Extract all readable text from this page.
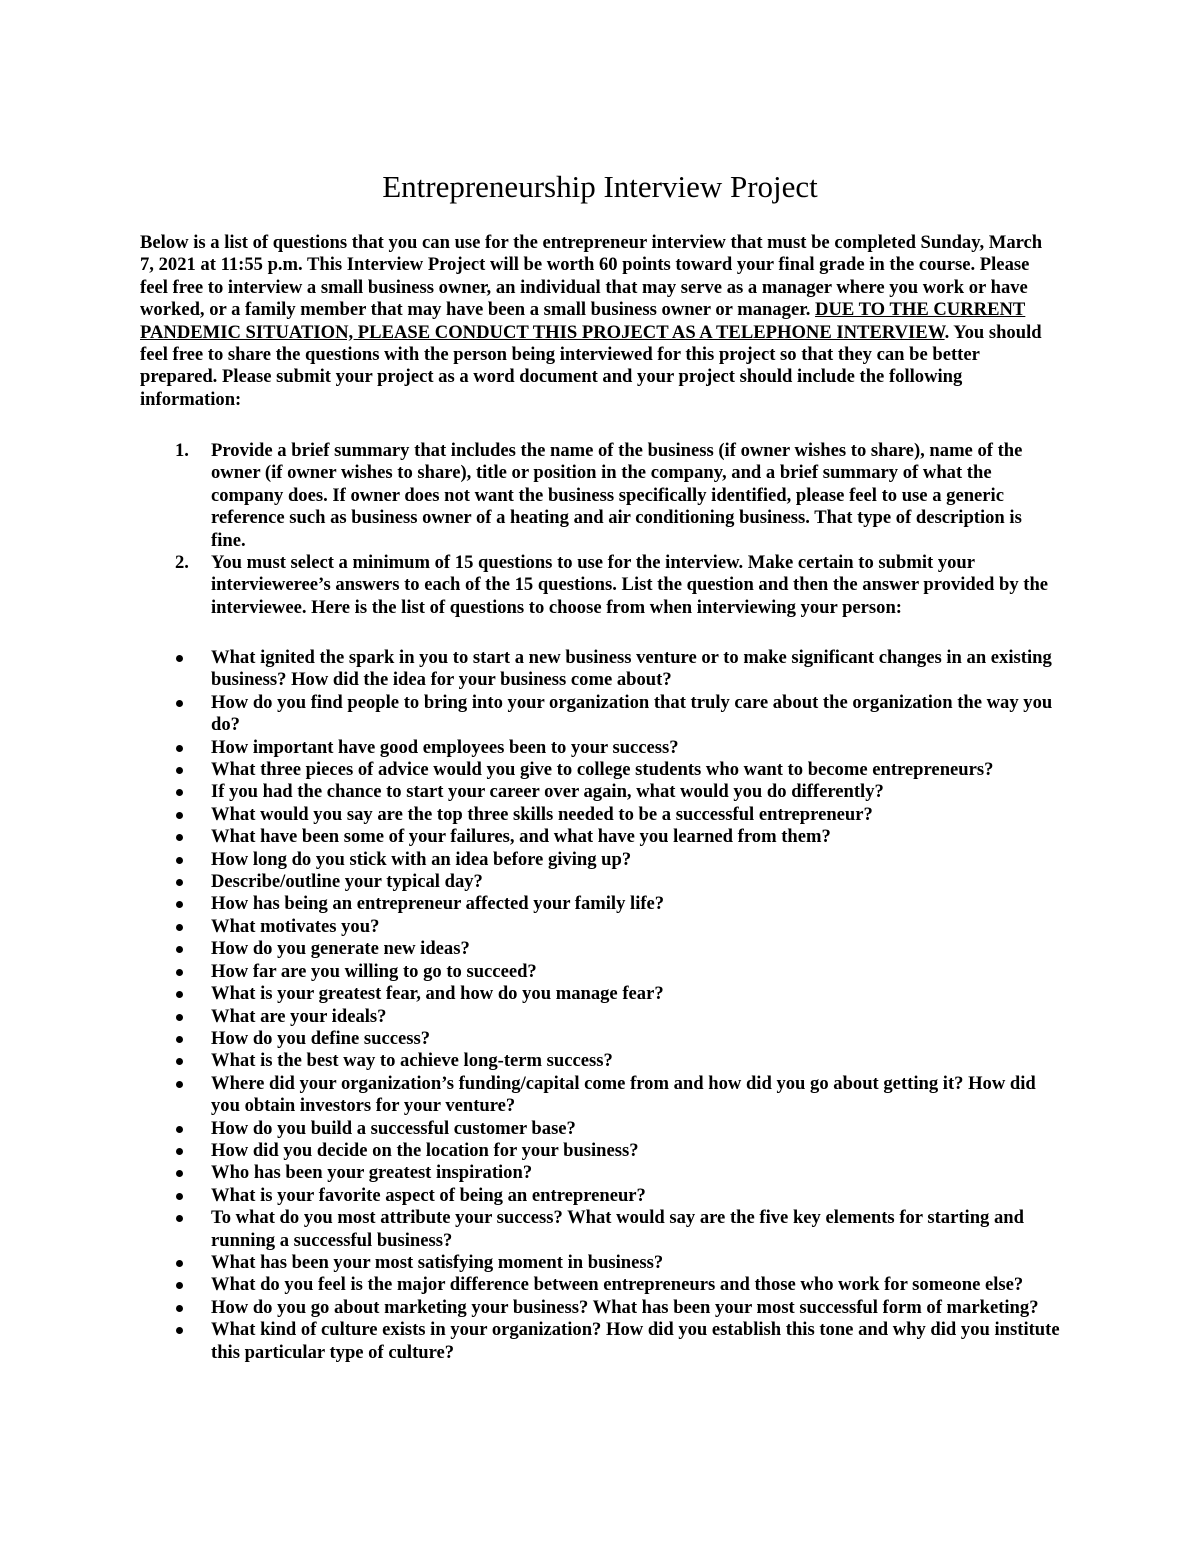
Entrepreneurship Interview Project

Below is a list of questions that you can use for the entrepreneur interview that must be completed Sunday, March 7, 2021 at 11:55 p.m. This Interview Project will be worth 60 points toward your final grade in the course. Please feel free to interview a small business owner, an individual that may serve as a manager where you work or have worked, or a family member that may have been a small business owner or manager. DUE TO THE CURRENT PANDEMIC SITUATION, PLEASE CONDUCT THIS PROJECT AS A TELEPHONE INTERVIEW. You should feel free to share the questions with the person being interviewed for this project so that they can be better prepared. Please submit your project as a word document and your project should include the following information:

1. Provide a brief summary that includes the name of the business (if owner wishes to share), name of the owner (if owner wishes to share), title or position in the company, and a brief summary of what the company does. If owner does not want the business specifically identified, please feel to use a generic reference such as business owner of a heating and air conditioning business. That type of description is fine.
2. You must select a minimum of 15 questions to use for the interview. Make certain to submit your intervieweree’s answers to each of the 15 questions. List the question and then the answer provided by the interviewee. Here is the list of questions to choose from when interviewing your person:
What ignited the spark in you to start a new business venture or to make significant changes in an existing business? How did the idea for your business come about?
How do you find people to bring into your organization that truly care about the organization the way you do?
How important have good employees been to your success?
What three pieces of advice would you give to college students who want to become entrepreneurs?
If you had the chance to start your career over again, what would you do differently?
What would you say are the top three skills needed to be a successful entrepreneur?
What have been some of your failures, and what have you learned from them?
How long do you stick with an idea before giving up?
Describe/outline your typical day?
How has being an entrepreneur affected your family life?
What motivates you?
How do you generate new ideas?
How far are you willing to go to succeed?
What is your greatest fear, and how do you manage fear?
What are your ideals?
How do you define success?
What is the best way to achieve long-term success?
Where did your organization’s funding/capital come from and how did you go about getting it? How did you obtain investors for your venture?
How do you build a successful customer base?
How did you decide on the location for your business?
Who has been your greatest inspiration?
What is your favorite aspect of being an entrepreneur?
To what do you most attribute your success? What would say are the five key elements for starting and running a successful business?
What has been your most satisfying moment in business?
What do you feel is the major difference between entrepreneurs and those who work for someone else?
How do you go about marketing your business? What has been your most successful form of marketing?
What kind of culture exists in your organization? How did you establish this tone and why did you institute this particular type of culture?
